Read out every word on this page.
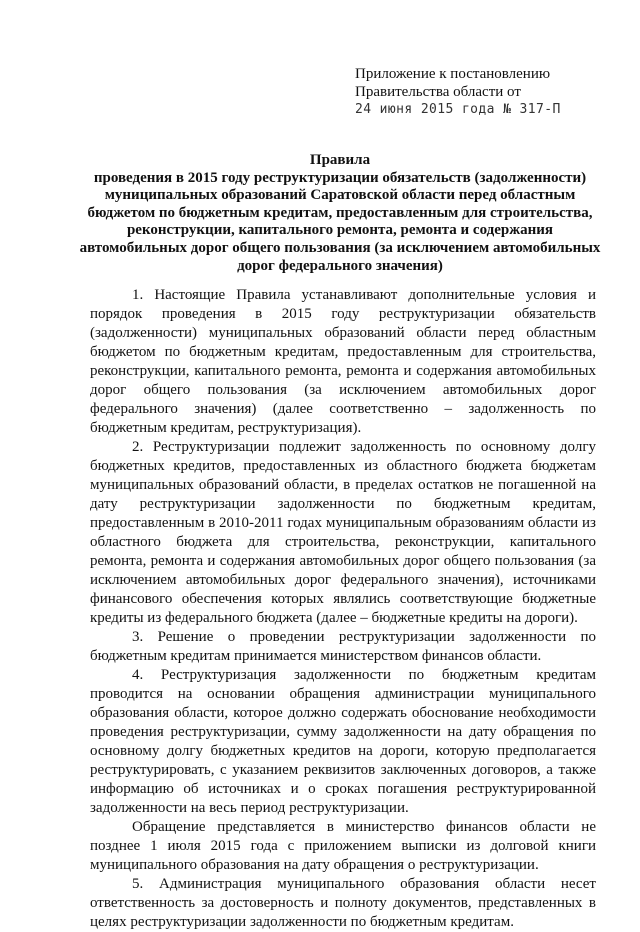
Приложение к постановлению
Правительства области от
24 июня 2015 года № 317-П
Правила
проведения в 2015 году реструктуризации обязательств (задолженности) муниципальных образований Саратовской области перед областным бюджетом по бюджетным кредитам, предоставленным для строительства, реконструкции, капитального ремонта, ремонта и содержания автомобильных дорог общего пользования (за исключением автомобильных дорог федерального значения)

1. Настоящие Правила устанавливают дополнительные условия и порядок проведения в 2015 году реструктуризации обязательств (задолженности) муниципальных образований области перед областным бюджетом по бюджетным кредитам, предоставленным для строительства, реконструкции, капитального ремонта, ремонта и содержания автомобильных дорог общего пользования (за исключением автомобильных дорог федерального значения) (далее соответственно – задолженность по бюджетным кредитам, реструктуризация).

2. Реструктуризации подлежит задолженность по основному долгу бюджетных кредитов, предоставленных из областного бюджета бюджетам муниципальных образований области, в пределах остатков не погашенной на дату реструктуризации задолженности по бюджетным кредитам, предоставленным в 2010-2011 годах муниципальным образованиям области из областного бюджета для строительства, реконструкции, капитального ремонта, ремонта и содержания автомобильных дорог общего пользования (за исключением автомобильных дорог федерального значения), источниками финансового обеспечения которых являлись соответствующие бюджетные кредиты из федерального бюджета (далее – бюджетные кредиты на дороги).

3. Решение о проведении реструктуризации задолженности по бюджетным кредитам принимается министерством финансов области.

4. Реструктуризация задолженности по бюджетным кредитам проводится на основании обращения администрации муниципального образования области, которое должно содержать обоснование необходимости проведения реструктуризации, сумму задолженности на дату обращения по основному долгу бюджетных кредитов на дороги, которую предполагается реструктурировать, с указанием реквизитов заключенных договоров, а также информацию об источниках и о сроках погашения реструктурированной задолженности на весь период реструктуризации.

Обращение представляется в министерство финансов области не позднее 1 июля 2015 года с приложением выписки из долговой книги муниципального образования на дату обращения о реструктуризации.

5. Администрация муниципального образования области несет ответственность за достоверность и полноту документов, представленных в целях реструктуризации задолженности по бюджетным кредитам.
